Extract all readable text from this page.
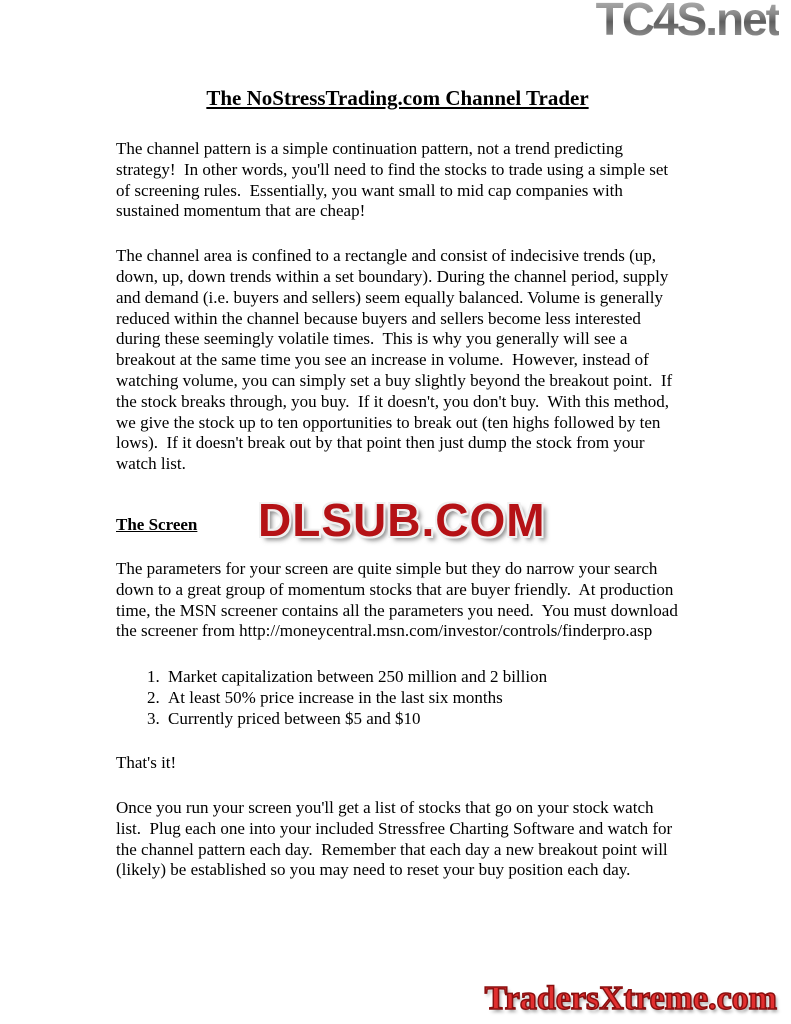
TC4S.net
The NoStressTrading.com Channel Trader

The channel pattern is a simple continuation pattern, not a trend predicting strategy!  In other words, you'll need to find the stocks to trade using a simple set of screening rules.  Essentially, you want small to mid cap companies with sustained momentum that are cheap!

The channel area is confined to a rectangle and consist of indecisive trends (up, down, up, down trends within a set boundary). During the channel period, supply and demand (i.e. buyers and sellers) seem equally balanced. Volume is generally reduced within the channel because buyers and sellers become less interested during these seemingly volatile times.  This is why you generally will see a breakout at the same time you see an increase in volume.  However, instead of watching volume, you can simply set a buy slightly beyond the breakout point.  If the stock breaks through, you buy.  If it doesn't, you don't buy.  With this method, we give the stock up to ten opportunities to break out (ten highs followed by ten lows).  If it doesn't break out by that point then just dump the stock from your watch list.

The Screen DLSUB.COM

The parameters for your screen are quite simple but they do narrow your search down to a great group of momentum stocks that are buyer friendly.  At production time, the MSN screener contains all the parameters you need.  You must download the screener from http://moneycentral.msn.com/investor/controls/finderpro.asp

1. Market capitalization between 250 million and 2 billion
2. At least 50% price increase in the last six months
3. Currently priced between $5 and $10

That's it!

Once you run your screen you'll get a list of stocks that go on your stock watch list.  Plug each one into your included Stressfree Charting Software and watch for the channel pattern each day.  Remember that each day a new breakout point will (likely) be established so you may need to reset your buy position each day.

TradersXtreme.com
